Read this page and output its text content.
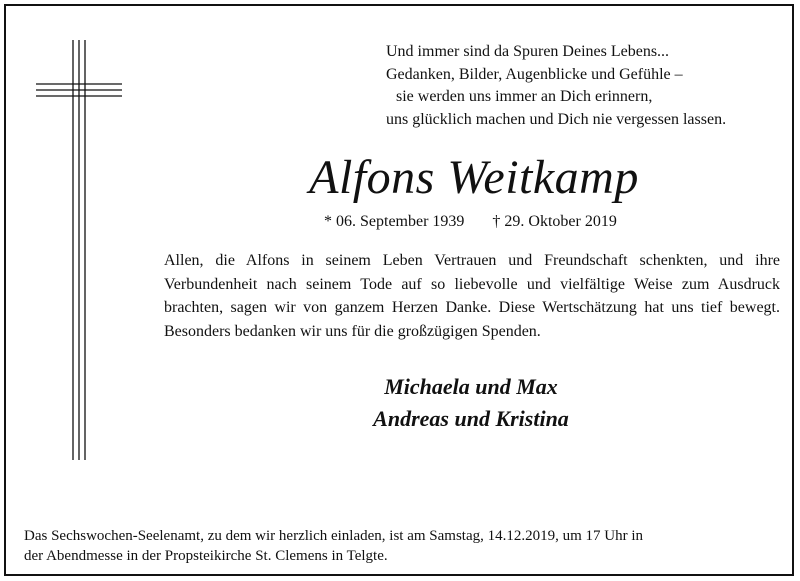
Und immer sind da Spuren Deines Lebens...
Gedanken, Bilder, Augenblicke und Gefühle –
sie werden uns immer an Dich erinnern,
uns glücklich machen und Dich nie vergessen lassen.
Alfons Weitkamp
* 06. September 1939 † 29. Oktober 2019
Allen, die Alfons in seinem Leben Vertrauen und Freundschaft schenkten, und ihre Verbundenheit nach seinem Tode auf so liebevolle und vielfältige Weise zum Ausdruck brachten, sagen wir von ganzem Herzen Danke. Diese Wertschätzung hat uns tief bewegt. Besonders bedanken wir uns für die großzügigen Spenden.
Michaela und Max
Andreas und Kristina
Das Sechswochen-Seelenamt, zu dem wir herzlich einladen, ist am Samstag, 14.12.2019, um 17 Uhr in
der Abendmesse in der Propsteikirche St. Clemens in Telgte.
